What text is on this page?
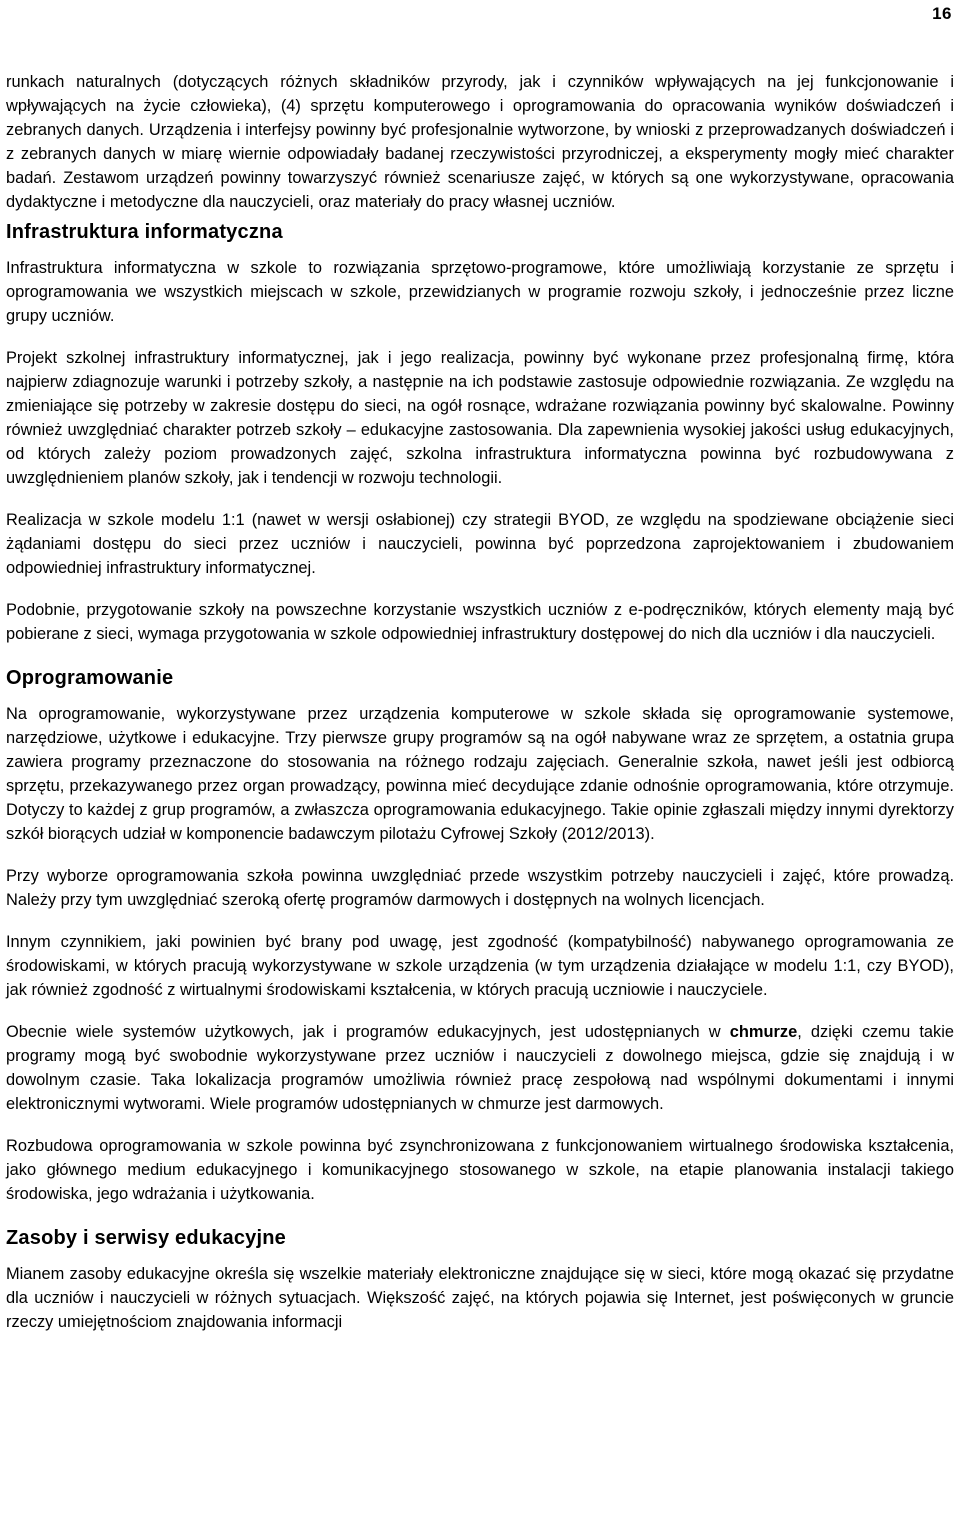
16

runkach naturalnych (dotyczących różnych składników przyrody, jak i czynników wpływających na jej funkcjonowanie i wpływających na życie człowieka), (4) sprzętu komputerowego i oprogramowania do opracowania wyników doświadczeń i zebranych danych. Urządzenia i interfejsy powinny być profesjonalnie wytworzone, by wnioski z przeprowadzanych doświadczeń i z zebranych danych w miarę wiernie odpowiadały badanej rzeczywistości przyrodniczej, a eksperymenty mogły mieć charakter badań. Zestawom urządzeń powinny towarzyszyć również scenariusze zajęć, w których są one wykorzystywane, opracowania dydaktyczne i metodyczne dla nauczycieli, oraz materiały do pracy własnej uczniów.

Infrastruktura informatyczna

Infrastruktura informatyczna w szkole to rozwiązania sprzętowo-programowe, które umożliwiają korzystanie ze sprzętu i oprogramowania we wszystkich miejscach w szkole, przewidzianych w programie rozwoju szkoły, i jednocześnie przez liczne grupy uczniów.

Projekt szkolnej infrastruktury informatycznej, jak i jego realizacja, powinny być wykonane przez profesjonalną firmę, która najpierw zdiagnozuje warunki i potrzeby szkoły, a następnie na ich podstawie zastosuje odpowiednie rozwiązania. Ze względu na zmieniające się potrzeby w zakresie dostępu do sieci, na ogół rosnące, wdrażane rozwiązania powinny być skalowalne. Powinny również uwzględniać charakter potrzeb szkoły – edukacyjne zastosowania. Dla zapewnienia wysokiej jakości usług edukacyjnych, od których zależy poziom prowadzonych zajęć, szkolna infrastruktura informatyczna powinna być rozbudowywana z uwzględnieniem planów szkoły, jak i tendencji w rozwoju technologii.

Realizacja w szkole modelu 1:1 (nawet w wersji osłabionej) czy strategii BYOD, ze względu na spodziewane obciążenie sieci żądaniami dostępu do sieci przez uczniów i nauczycieli, powinna być poprzedzona zaprojektowaniem i zbudowaniem odpowiedniej infrastruktury informatycznej.

Podobnie, przygotowanie szkoły na powszechne korzystanie wszystkich uczniów z e-podręczników, których elementy mają być pobierane z sieci, wymaga przygotowania w szkole odpowiedniej infrastruktury dostępowej do nich dla uczniów i dla nauczycieli.

Oprogramowanie

Na oprogramowanie, wykorzystywane przez urządzenia komputerowe w szkole składa się oprogramowanie systemowe, narzędziowe, użytkowe i edukacyjne. Trzy pierwsze grupy programów są na ogół nabywane wraz ze sprzętem, a ostatnia grupa zawiera programy przeznaczone do stosowania na różnego rodzaju zajęciach. Generalnie szkoła, nawet jeśli jest odbiorcą sprzętu, przekazywanego przez organ prowadzący, powinna mieć decydujące zdanie odnośnie oprogramowania, które otrzymuje. Dotyczy to każdej z grup programów, a zwłaszcza oprogramowania edukacyjnego. Takie opinie zgłaszali między innymi dyrektorzy szkół biorących udział w komponencie badawczym pilotażu Cyfrowej Szkoły (2012/2013).

Przy wyborze oprogramowania szkoła powinna uwzględniać przede wszystkim potrzeby nauczycieli i zajęć, które prowadzą. Należy przy tym uwzględniać szeroką ofertę programów darmowych i dostępnych na wolnych licencjach.

Innym czynnikiem, jaki powinien być brany pod uwagę, jest zgodność (kompatybilność) nabywanego oprogramowania ze środowiskami, w których pracują wykorzystywane w szkole urządzenia (w tym urządzenia działające w modelu 1:1, czy BYOD), jak również zgodność z wirtualnymi środowiskami kształcenia, w których pracują uczniowie i nauczyciele.

Obecnie wiele systemów użytkowych, jak i programów edukacyjnych, jest udostępnianych w chmurze, dzięki czemu takie programy mogą być swobodnie wykorzystywane przez uczniów i nauczycieli z dowolnego miejsca, gdzie się znajdują i w dowolnym czasie. Taka lokalizacja programów umożliwia również pracę zespołową nad wspólnymi dokumentami i innymi elektronicznymi wytworami. Wiele programów udostępnianych w chmurze jest darmowych.

Rozbudowa oprogramowania w szkole powinna być zsynchronizowana z funkcjonowaniem wirtualnego środowiska kształcenia, jako głównego medium edukacyjnego i komunikacyjnego stosowanego w szkole, na etapie planowania instalacji takiego środowiska, jego wdrażania i użytkowania.

Zasoby i serwisy edukacyjne

Mianem zasoby edukacyjne określa się wszelkie materiały elektroniczne znajdujące się w sieci, które mogą okazać się przydatne dla uczniów i nauczycieli w różnych sytuacjach. Większość zajęć, na których pojawia się Internet, jest poświęconych w gruncie rzeczy umiejętnościom znajdowania informacji
